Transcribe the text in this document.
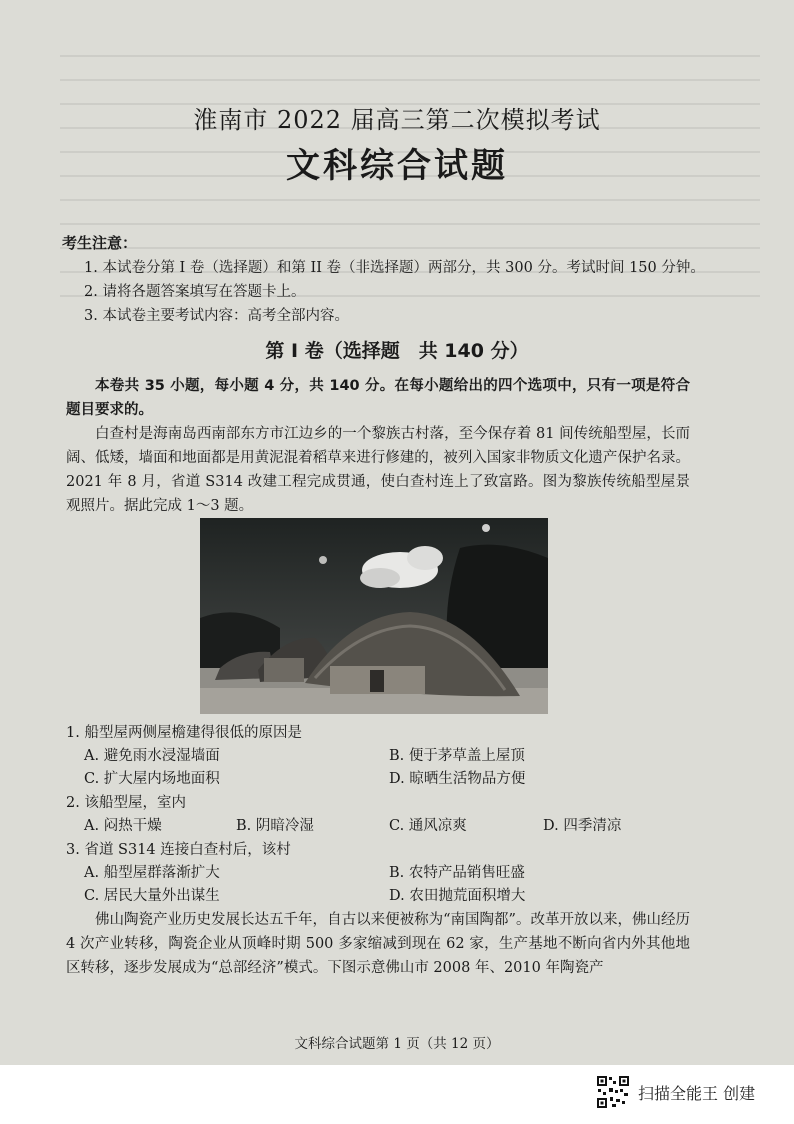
淮南市 2022 届高三第二次模拟考试
文科综合试题
考生注意：
1. 本试卷分第 I 卷（选择题）和第 II 卷（非选择题）两部分，共 300 分。考试时间 150 分钟。
2. 请将各题答案填写在答题卡上。
3. 本试卷主要考试内容：高考全部内容。
第 I 卷（选择题　共 140 分）
本卷共 35 小题，每小题 4 分，共 140 分。在每小题给出的四个选项中，只有一项是符合题目要求的。
白查村是海南岛西南部东方市江边乡的一个黎族古村落，至今保存着 81 间传统船型屋，长而阔、低矮，墙面和地面都是用黄泥混着稻草来进行修建的，被列入国家非物质文化遗产保护名录。2021 年 8 月，省道 S314 改建工程完成贯通，使白查村连上了致富路。图为黎族传统船型屋景观照片。据此完成 1～3 题。
1. 船型屋两侧屋檐建得很低的原因是
A. 避免雨水浸湿墙面	B. 便于茅草盖上屋顶
C. 扩大屋内场地面积	D. 晾晒生活物品方便
2. 该船型屋，室内
A. 闷热干燥	B. 阴暗冷湿	C. 通风凉爽	D. 四季清凉
3. 省道 S314 连接白查村后，该村
A. 船型屋群落渐扩大	B. 农特产品销售旺盛
C. 居民大量外出谋生	D. 农田抛荒面积增大
佛山陶瓷产业历史发展长达五千年，自古以来便被称为“南国陶都”。改革开放以来，佛山经历 4 次产业转移，陶瓷企业从顶峰时期 500 多家缩减到现在 62 家，生产基地不断向省内外其他地区转移，逐步发展成为“总部经济”模式。下图示意佛山市 2008 年、2010 年陶瓷产
文科综合试题第 1 页（共 12 页）
扫描全能王 创建
